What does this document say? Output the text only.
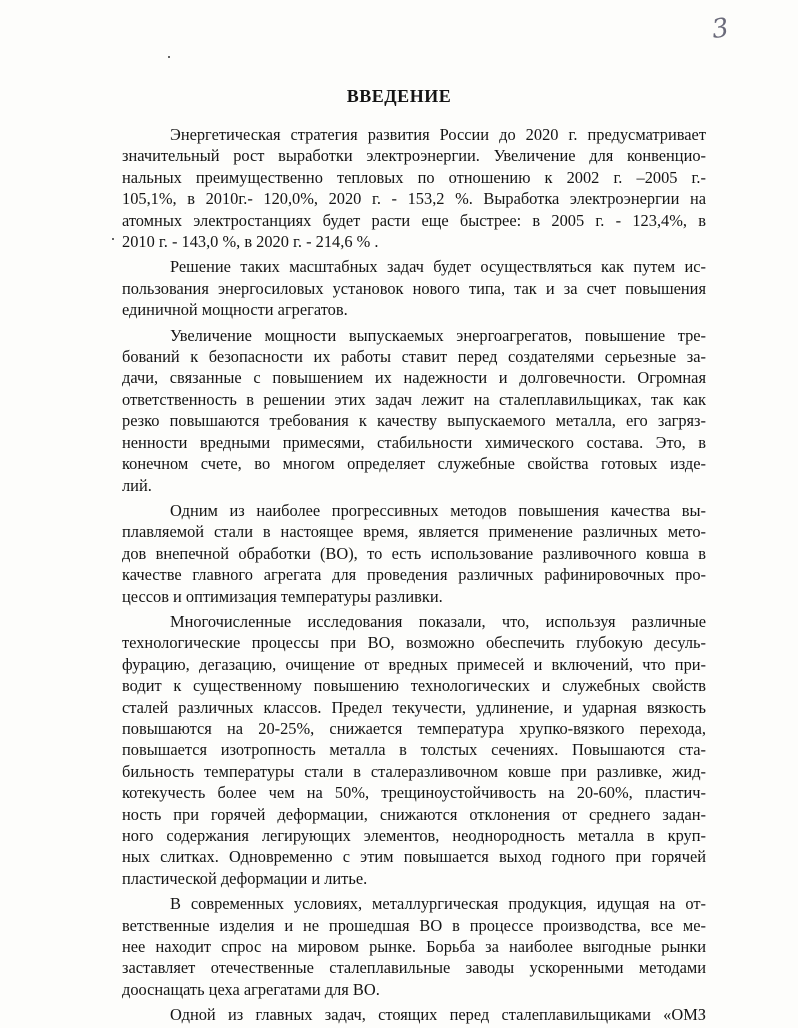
3
ВВЕДЕНИЕ

Энергетическая стратегия развития России до 2020 г. предусматривает
значительный рост выработки электроэнергии. Увеличение для конвенцио-
нальных преимущественно тепловых по отношению к 2002 г. –2005 г.-
105,1%, в 2010г.- 120,0%, 2020 г. - 153,2 %. Выработка электроэнергии на
атомных электростанциях будет расти еще быстрее: в 2005 г. - 123,4%, в
2010 г. - 143,0 %, в 2020 г. - 214,6 % .

Решение таких масштабных задач будет осуществляться как путем ис-
пользования энергосиловых установок нового типа, так и за счет повышения
единичной мощности агрегатов.

Увеличение мощности выпускаемых энергоагрегатов, повышение тре-
бований к безопасности их работы ставит перед создателями серьезные за-
дачи, связанные с повышением их надежности и долговечности. Огромная
ответственность в решении этих задач лежит на сталеплавильщиках, так как
резко повышаются требования к качеству выпускаемого металла, его загряз-
ненности вредными примесями, стабильности химического состава. Это, в
конечном счете, во многом определяет служебные свойства готовых изде-
лий.

Одним из наиболее прогрессивных методов повышения качества вы-
плавляемой стали в настоящее время, является применение различных мето-
дов внепечной обработки (ВО), то есть использование разливочного ковша в
качестве главного агрегата для проведения различных рафинировочных про-
цессов и оптимизация температуры разливки.

Многочисленные исследования показали, что, используя различные
технологические процессы при ВО, возможно обеспечить глубокую десуль-
фурацию, дегазацию, очищение от вредных примесей и включений, что при-
водит к существенному повышению технологических и служебных свойств
сталей различных классов. Предел текучести, удлинение, и ударная вязкость
повышаются на 20-25%, снижается температура хрупко-вязкого перехода,
повышается изотропность металла в толстых сечениях. Повышаются ста-
бильность температуры стали в сталеразливочном ковше при разливке, жид-
котекучесть более чем на 50%, трещиноустойчивость на 20-60%, пластич-
ность при горячей деформации, снижаются отклонения от среднего задан-
ного содержания легирующих элементов, неоднородность металла в круп-
ных слитках. Одновременно с этим повышается выход годного при горячей
пластической деформации и литье.

В современных условиях, металлургическая продукция, идущая на от-
ветственные изделия и не прошедшая ВО в процессе производства, все ме-
нее находит спрос на мировом рынке. Борьба за наиболее выгодные рынки
заставляет отечественные сталеплавильные заводы ускоренными методами
дооснащать цеха агрегатами для ВО.

Одной из главных задач, стоящих перед сталеплавильщиками «ОМЗ
